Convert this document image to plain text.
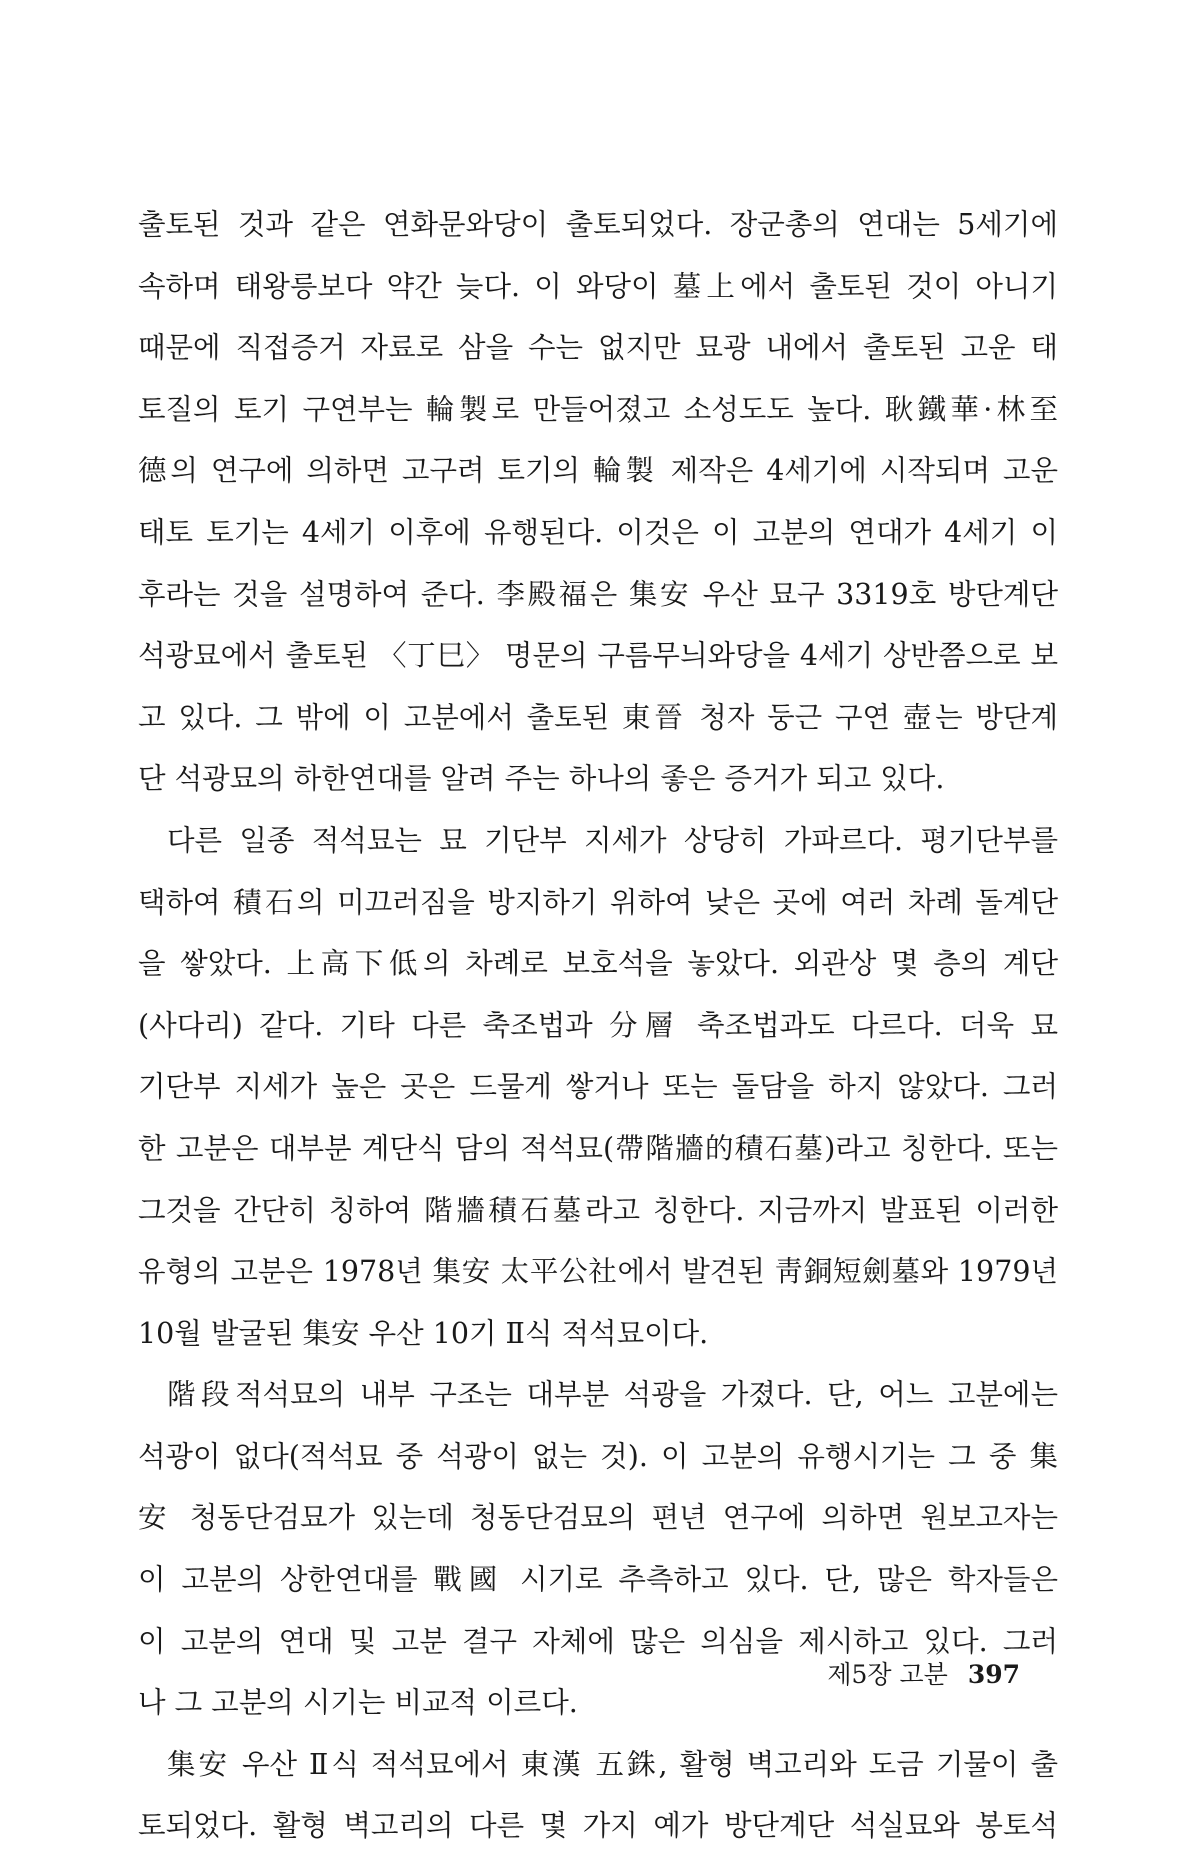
출토된 것과 같은 연화문와당이 출토되었다. 장군총의 연대는 5세기에
속하며 태왕릉보다 약간 늦다. 이 와당이 墓上에서 출토된 것이 아니기
때문에 직접증거 자료로 삼을 수는 없지만 묘광 내에서 출토된 고운 태
토질의 토기 구연부는 輪製로 만들어졌고 소성도도 높다. 耿鐵華·林至
德의 연구에 의하면 고구려 토기의 輪製 제작은 4세기에 시작되며 고운
태토 토기는 4세기 이후에 유행된다. 이것은 이 고분의 연대가 4세기 이
후라는 것을 설명하여 준다. 李殿福은 集安 우산 묘구 3319호 방단계단
석광묘에서 출토된 〈丁巳〉 명문의 구름무늬와당을 4세기 상반쯤으로 보
고 있다. 그 밖에 이 고분에서 출토된 東晉 청자 둥근 구연 壺는 방단계
단 석광묘의 하한연대를 알려 주는 하나의 좋은 증거가 되고 있다.
다른 일종 적석묘는 묘 기단부 지세가 상당히 가파르다. 평기단부를
택하여 積石의 미끄러짐을 방지하기 위하여 낮은 곳에 여러 차례 돌계단
을 쌓았다. 上高下低의 차례로 보호석을 놓았다. 외관상 몇 층의 계단
(사다리) 같다. 기타 다른 축조법과 分層 축조법과도 다르다. 더욱 묘
기단부 지세가 높은 곳은 드물게 쌓거나 또는 돌담을 하지 않았다. 그러
한 고분은 대부분 계단식 담의 적석묘(帶階牆的積石墓)라고 칭한다. 또는
그것을 간단히 칭하여 階牆積石墓라고 칭한다. 지금까지 발표된 이러한
유형의 고분은 1978년 集安 太平公社에서 발견된 靑銅短劍墓와 1979년
10월 발굴된 集安 우산 10기 Ⅱ식 적석묘이다.
階段적석묘의 내부 구조는 대부분 석광을 가졌다. 단, 어느 고분에는
석광이 없다(적석묘 중 석광이 없는 것). 이 고분의 유행시기는 그 중 集
安 청동단검묘가 있는데 청동단검묘의 편년 연구에 의하면 원보고자는
이 고분의 상한연대를 戰國 시기로 추측하고 있다. 단, 많은 학자들은
이 고분의 연대 및 고분 결구 자체에 많은 의심을 제시하고 있다. 그러
나 그 고분의 시기는 비교적 이르다.
集安 우산 Ⅱ식 적석묘에서 東漢 五銖, 활형 벽고리와 도금 기물이 출
토되었다. 활형 벽고리의 다른 몇 가지 예가 방단계단 석실묘와 봉토석
제5장 고분 397
